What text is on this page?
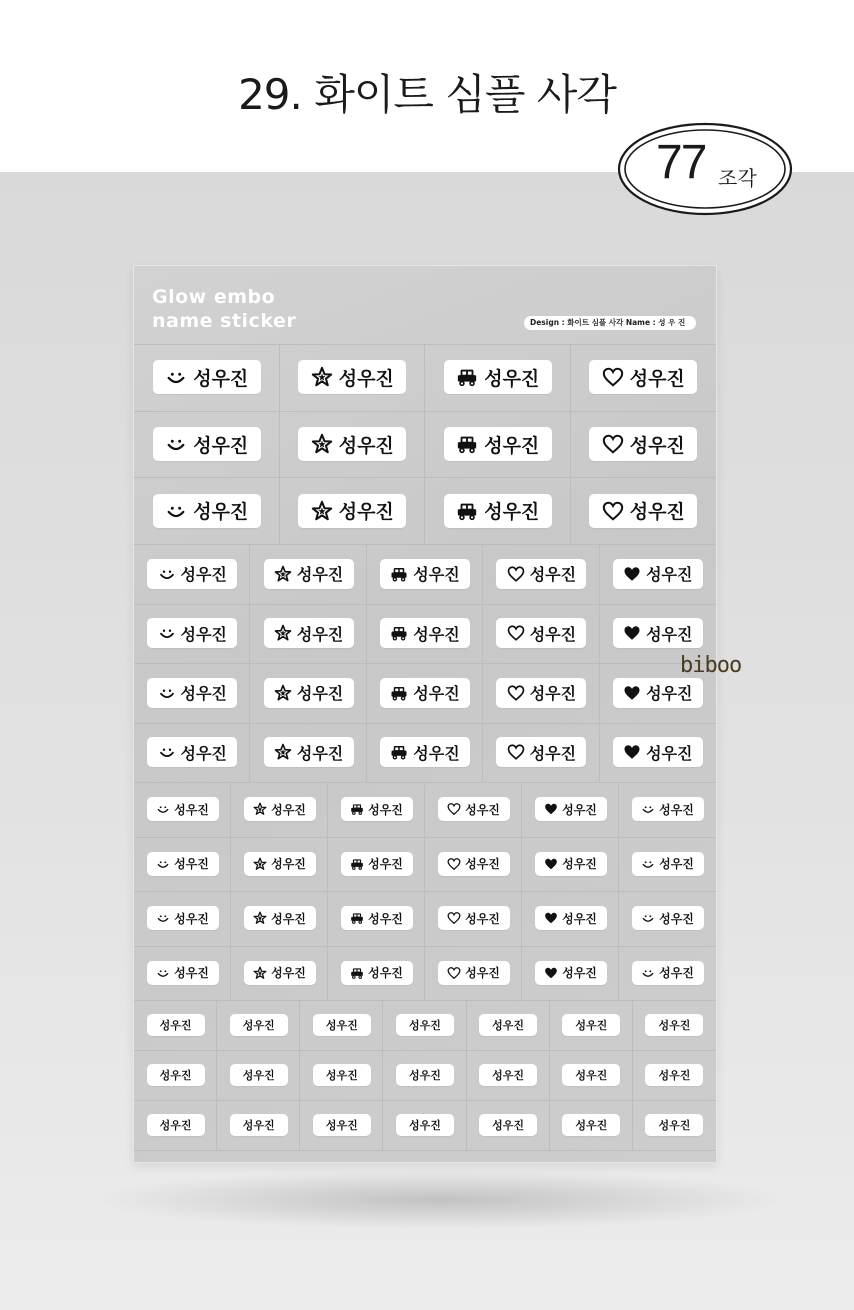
29. 화이트 심플 사각
77 조각
Glow embo
name sticker	Design : 화이트 심플 사각 Name : 성 우 진
성우진	성우진	성우진	성우진
성우진	성우진	성우진	성우진
성우진	성우진	성우진	성우진
성우진	성우진	성우진	성우진	성우진
성우진	성우진	성우진	성우진	성우진
성우진	성우진	성우진	성우진	성우진
성우진	성우진	성우진	성우진	성우진
성우진	성우진	성우진	성우진	성우진	성우진
성우진	성우진	성우진	성우진	성우진	성우진
성우진	성우진	성우진	성우진	성우진	성우진
성우진	성우진	성우진	성우진	성우진	성우진
성우진	성우진	성우진	성우진	성우진	성우진	성우진
성우진	성우진	성우진	성우진	성우진	성우진	성우진
성우진	성우진	성우진	성우진	성우진	성우진	성우진
biboo
